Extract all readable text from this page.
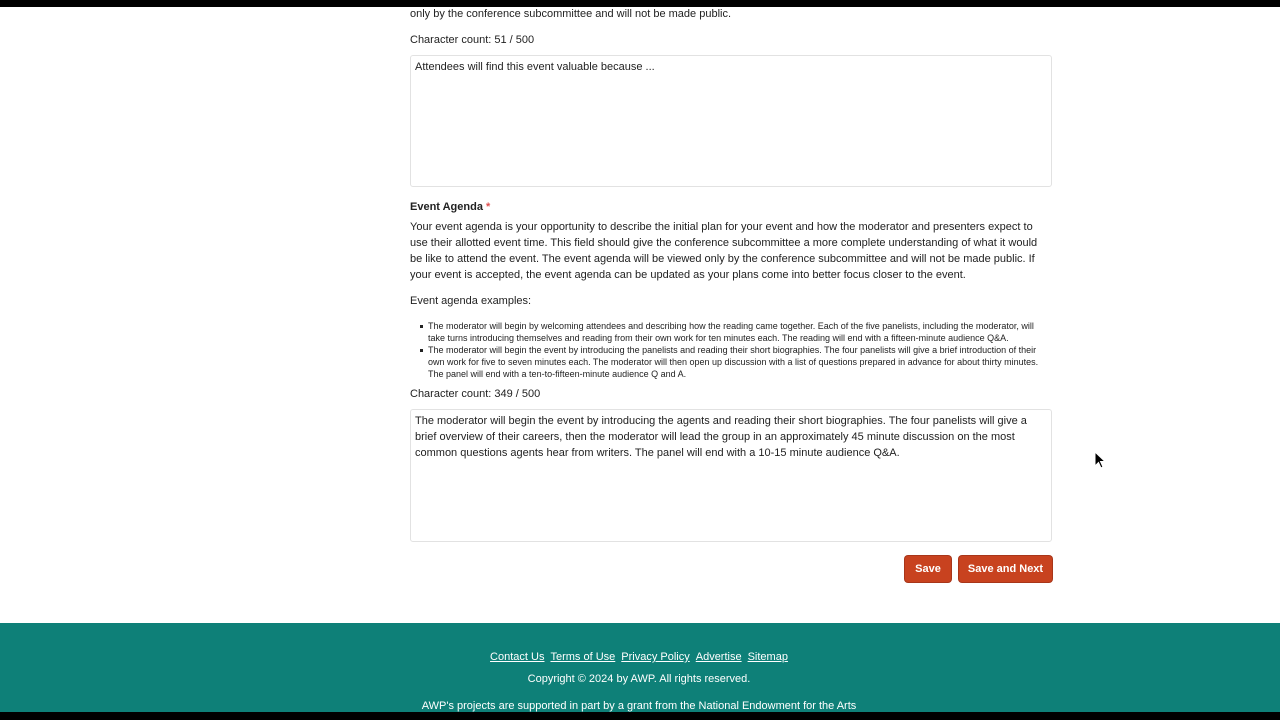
only by the conference subcommittee and will not be made public.
Character count: 51 / 500
Attendees will find this event valuable because ...
Event Agenda *
Your event agenda is your opportunity to describe the initial plan for your event and how the moderator and presenters expect to use their allotted event time. This field should give the conference subcommittee a more complete understanding of what it would be like to attend the event. The event agenda will be viewed only by the conference subcommittee and will not be made public. If your event is accepted, the event agenda can be updated as your plans come into better focus closer to the event.
Event agenda examples:
The moderator will begin by welcoming attendees and describing how the reading came together. Each of the five panelists, including the moderator, will take turns introducing themselves and reading from their own work for ten minutes each. The reading will end with a fifteen-minute audience Q&A.
The moderator will begin the event by introducing the panelists and reading their short biographies. The four panelists will give a brief introduction of their own work for five to seven minutes each. The moderator will then open up discussion with a list of questions prepared in advance for about thirty minutes. The panel will end with a ten-to-fifteen-minute audience Q and A.
Character count: 349 / 500
The moderator will begin the event by introducing the agents and reading their short biographies. The four panelists will give a brief overview of their careers, then the moderator will lead the group in an approximately 45 minute discussion on the most common questions agents hear from writers. The panel will end with a 10-15 minute audience Q&A.
Save	Save and Next
Contact Us Terms of Use Privacy Policy Advertise Sitemap
Copyright © 2024 by AWP. All rights reserved.
AWP's projects are supported in part by a grant from the National Endowment for the Arts
